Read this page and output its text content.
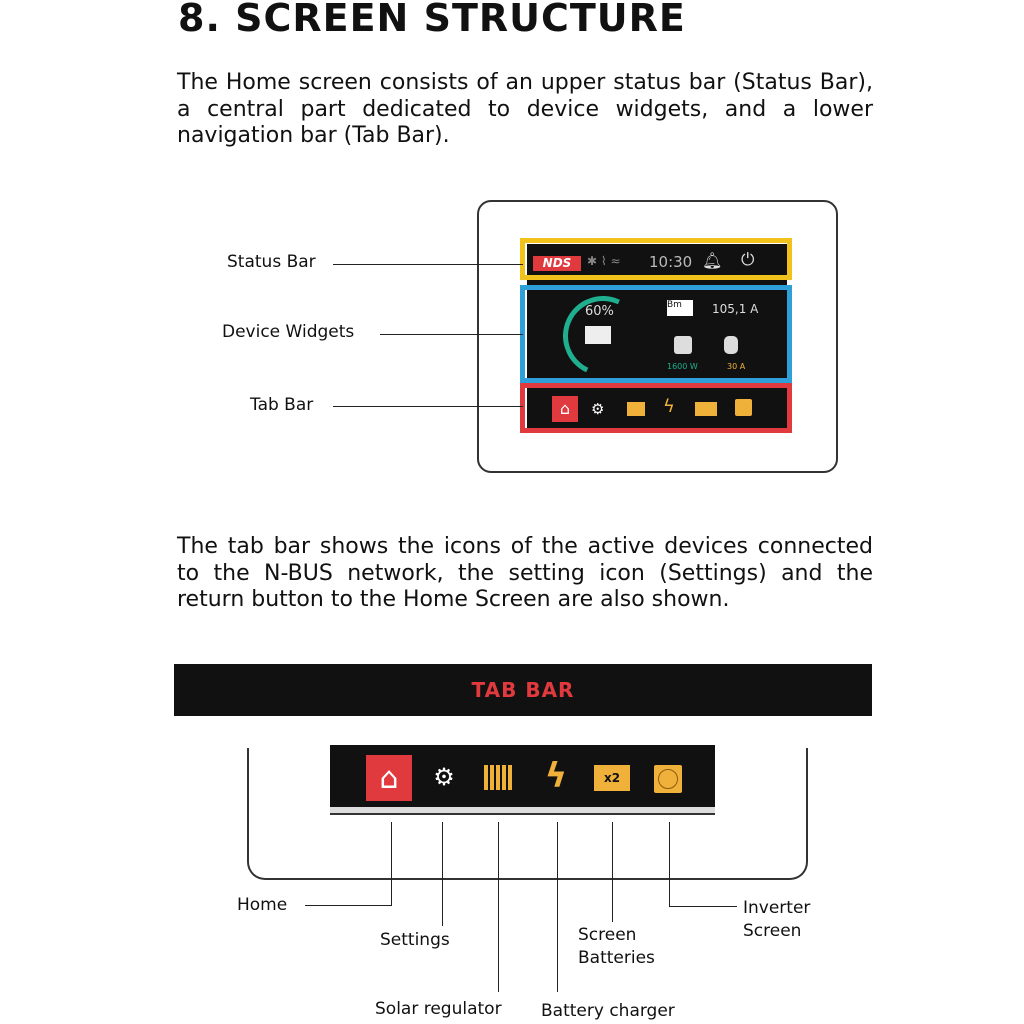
8. SCREEN STRUCTURE

The Home screen consists of an upper status bar (Status Bar), a central part dedicated to device widgets, and a lower navigation bar (Tab Bar).

NDS	✱ ⌇ ≈ 10:30 🔔︎ ⏻
60%	Bm	105,1 A
1600 W	30 A
⌂	⚙	ϟ
Status Bar
Device Widgets
Tab Bar

The tab bar shows the icons of the active devices connected to the N-BUS network, the setting icon (Settings) and the return button to the Home Screen are also shown.

TAB BAR
⌂	⚙	ϟ	x2
Home
Settings
Solar regulator Battery charger
Screen Batteries
Inverter Screen
